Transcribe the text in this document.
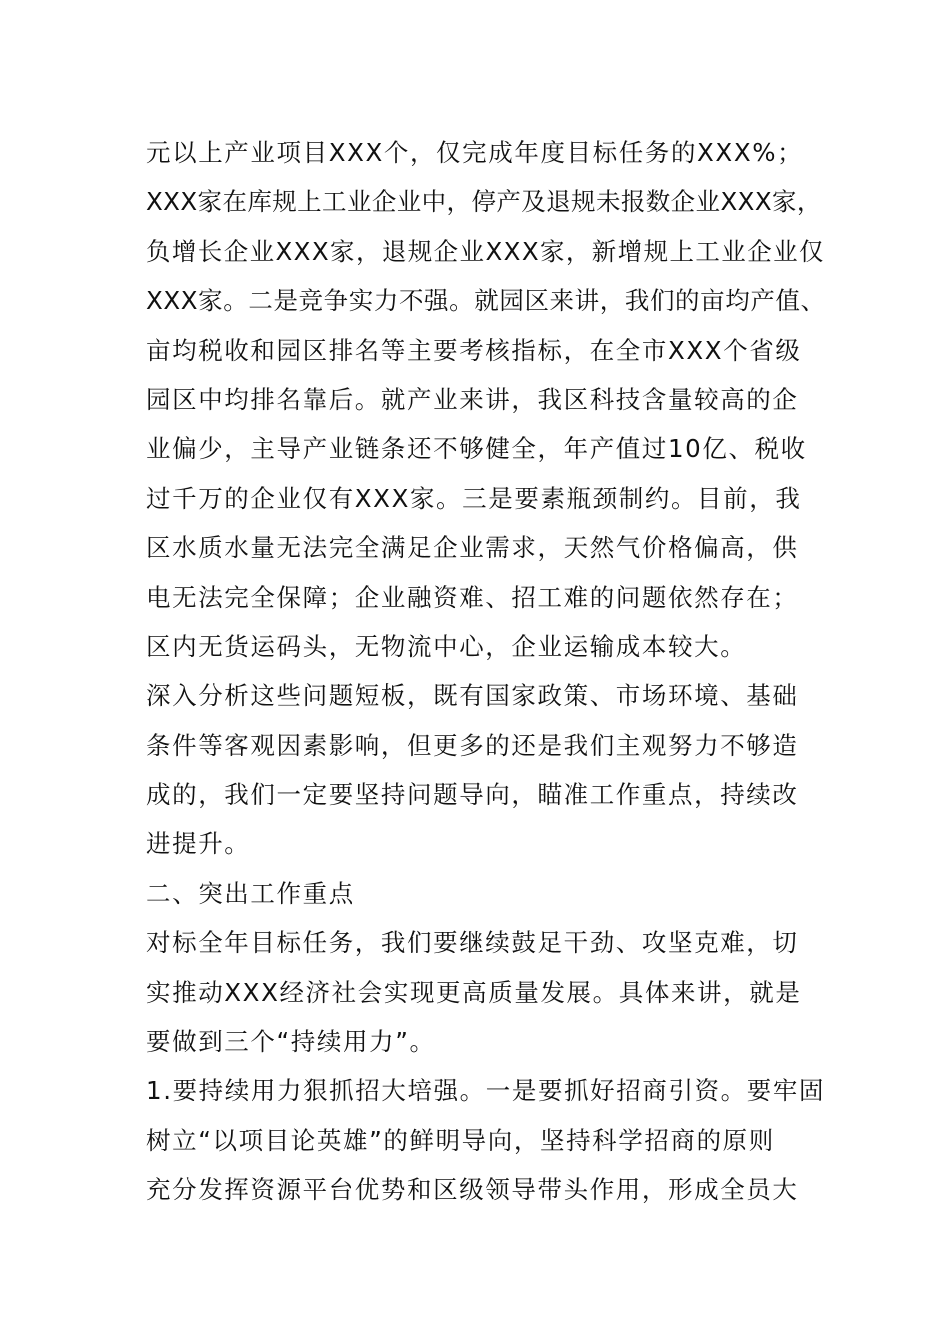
元以上产业项目XXX个，仅完成年度目标任务的XXX%；
XXX家在库规上工业企业中，停产及退规未报数企业XXX家，
负增长企业XXX家，退规企业XXX家，新增规上工业企业仅
XXX家。二是竞争实力不强。就园区来讲，我们的亩均产值、
亩均税收和园区排名等主要考核指标，在全市XXX个省级
园区中均排名靠后。就产业来讲，我区科技含量较高的企
业偏少，主导产业链条还不够健全，年产值过10亿、税收
过千万的企业仅有XXX家。三是要素瓶颈制约。目前，我
区水质水量无法完全满足企业需求，天然气价格偏高，供
电无法完全保障；企业融资难、招工难的问题依然存在；
区内无货运码头，无物流中心，企业运输成本较大。
深入分析这些问题短板，既有国家政策、市场环境、基础
条件等客观因素影响，但更多的还是我们主观努力不够造
成的，我们一定要坚持问题导向，瞄准工作重点，持续改
进提升。
二、突出工作重点
对标全年目标任务，我们要继续鼓足干劲、攻坚克难，切
实推动XXX经济社会实现更高质量发展。具体来讲，就是
要做到三个“持续用力”。
1.要持续用力狠抓招大培强。一是要抓好招商引资。要牢固
树立“以项目论英雄”的鲜明导向，坚持科学招商的原则
充分发挥资源平台优势和区级领导带头作用，形成全员大
